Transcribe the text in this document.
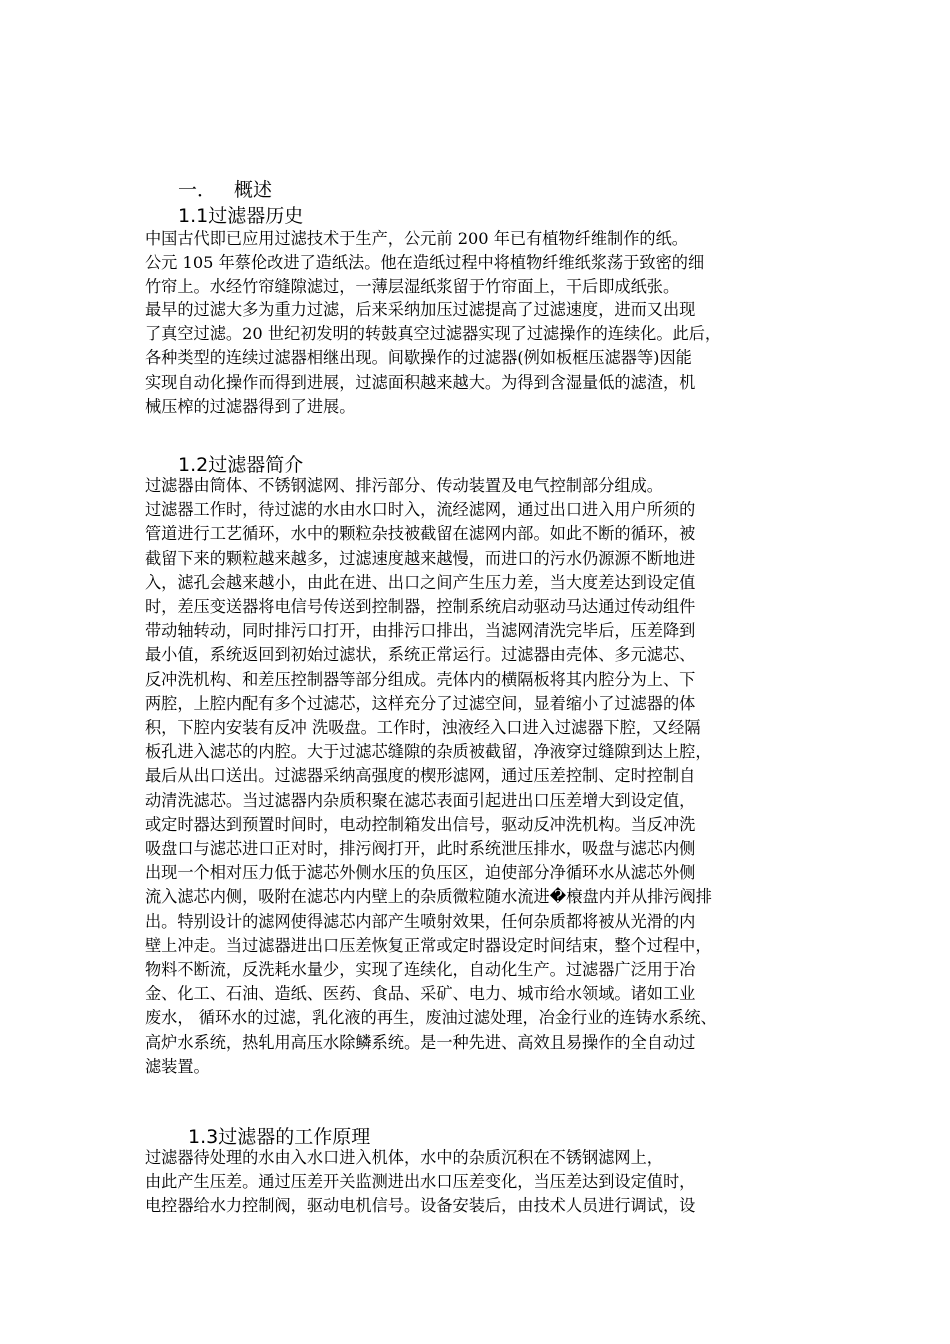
一． 概述
1.1过滤器历史

中国古代即已应用过滤技术于生产，公元前 200 年已有植物纤维制作的纸。
公元 105 年蔡伦改进了造纸法。他在造纸过程中将植物纤维纸浆荡于致密的细
竹帘上。水经竹帘缝隙滤过，一薄层湿纸浆留于竹帘面上，干后即成纸张。

最早的过滤大多为重力过滤，后来采纳加压过滤提高了过滤速度，进而又出现
了真空过滤。20 世纪初发明的转鼓真空过滤器实现了过滤操作的连续化。此后，
各种类型的连续过滤器相继出现。间歇操作的过滤器(例如板框压滤器等)因能
实现自动化操作而得到进展，过滤面积越来越大。为得到含湿量低的滤渣，机
械压榨的过滤器得到了进展。

1.2过滤器简介

过滤器由筒体、不锈钢滤网、排污部分、传动装置及电气控制部分组成。
过滤器工作时，待过滤的水由水口时入，流经滤网，通过出口进入用户所须的
管道进行工艺循环，水中的颗粒杂技被截留在滤网内部。如此不断的循环，被
截留下来的颗粒越来越多，过滤速度越来越慢，而进口的污水仍源源不断地进
入，滤孔会越来越小，由此在进、出口之间产生压力差，当大度差达到设定值
时，差压变送器将电信号传送到控制器，控制系统启动驱动马达通过传动组件
带动轴转动，同时排污口打开，由排污口排出，当滤网清洗完毕后，压差降到
最小值，系统返回到初始过滤状，系统正常运行。过滤器由壳体、多元滤芯、
反冲洗机构、和差压控制器等部分组成。壳体内的横隔板将其内腔分为上、下
两腔，上腔内配有多个过滤芯，这样充分了过滤空间，显着缩小了过滤器的体
积，下腔内安装有反冲 洗吸盘。工作时，浊液经入口进入过滤器下腔，又经隔
板孔进入滤芯的内腔。大于过滤芯缝隙的杂质被截留，净液穿过缝隙到达上腔，
最后从出口送出。过滤器采纳高强度的楔形滤网，通过压差控制、定时控制自
动清洗滤芯。当过滤器内杂质积聚在滤芯表面引起进出口压差增大到设定值，
或定时器达到预置时间时，电动控制箱发出信号，驱动反冲洗机构。当反冲洗
吸盘口与滤芯进口正对时，排污阀打开，此时系统泄压排水，吸盘与滤芯内侧
出现一个相对压力低于滤芯外侧水压的负压区，迫使部分净循环水从滤芯外侧
流入滤芯内侧，吸附在滤芯内内壁上的杂质微粒随水流进�榱盘内并从排污阀排
出。特别设计的滤网使得滤芯内部产生喷射效果，任何杂质都将被从光滑的内
壁上冲走。当过滤器进出口压差恢复正常或定时器设定时间结束，整个过程中，
物料不断流，反洗耗水量少，实现了连续化，自动化生产。过滤器广泛用于冶
金、化工、石油、造纸、医药、食品、采矿、电力、城市给水领域。诸如工业
废水， 循环水的过滤，乳化液的再生，废油过滤处理，冶金行业的连铸水系统、
高炉水系统，热轧用高压水除鳞系统。是一种先进、高效且易操作的全自动过
滤装置。

1.3过滤器的工作原理

过滤器待处理的水由入水口进入机体，水中的杂质沉积在不锈钢滤网上，
由此产生压差。通过压差开关监测进出水口压差变化，当压差达到设定值时，
电控器给水力控制阀，驱动电机信号。设备安装后，由技术人员进行调试，设
